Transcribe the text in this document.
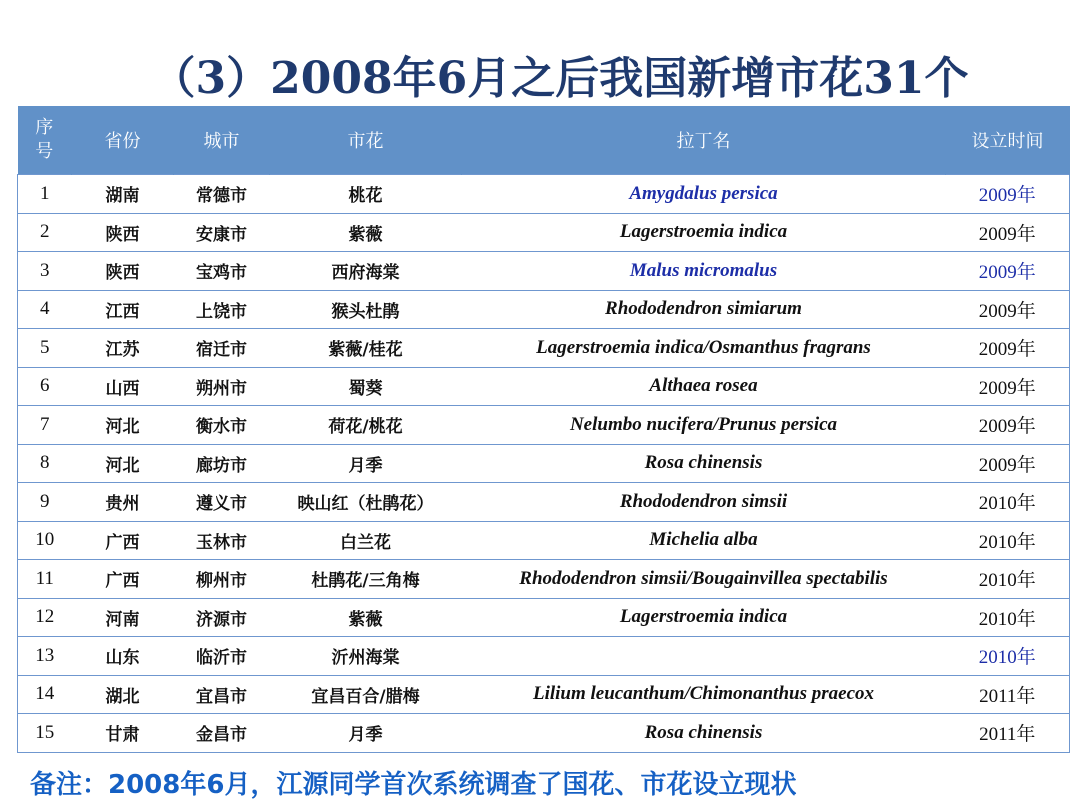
（3）2008年6月之后我国新增市花31个
序
号	省份	城市	市花	拉丁名	设立时间
1	湖南	常德市	桃花	Amygdalus persica	2009年
2	陕西	安康市	紫薇	Lagerstroemia indica	2009年
3	陕西	宝鸡市	西府海棠	Malus micromalus	2009年
4	江西	上饶市	猴头杜鹃	Rhododendron simiarum	2009年
5	江苏	宿迁市	紫薇/桂花	Lagerstroemia indica/Osmanthus fragrans	2009年
6	山西	朔州市	蜀葵	Althaea rosea	2009年
7	河北	衡水市	荷花/桃花	Nelumbo nucifera/Prunus persica	2009年
8	河北	廊坊市	月季	Rosa chinensis	2009年
9	贵州	遵义市	映山红（杜鹃花）	Rhododendron simsii	2010年
10	广西	玉林市	白兰花	Michelia alba	2010年
11	广西	柳州市	杜鹃花/三角梅	Rhododendron simsii/Bougainvillea spectabilis	2010年
12	河南	济源市	紫薇	Lagerstroemia indica	2010年
13	山东	临沂市	沂州海棠		2010年
14	湖北	宜昌市	宜昌百合/腊梅	Lilium leucanthum/Chimonanthus praecox	2011年
15	甘肃	金昌市	月季	Rosa chinensis	2011年
备注：2008年6月，江源同学首次系统调查了国花、市花设立现状
